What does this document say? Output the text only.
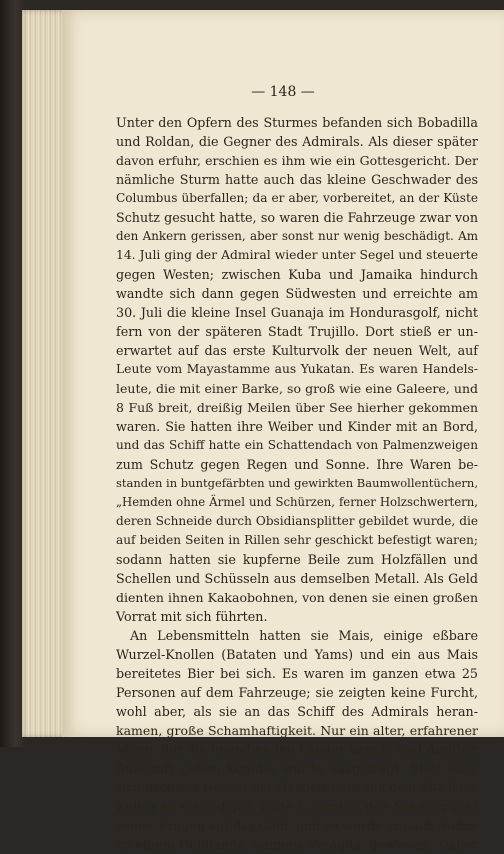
— 148 —
Unter den Opfern des Sturmes befanden sich Bobadilla
und Roldan, die Gegner des Admirals. Als dieser später
davon erfuhr, erschien es ihm wie ein Gottesgericht. Der
nämliche Sturm hatte auch das kleine Geschwader des
Columbus überfallen; da er aber, vorbereitet, an der Küste
Schutz gesucht hatte, so waren die Fahrzeuge zwar von
den Ankern gerissen, aber sonst nur wenig beschädigt. Am
14. Juli ging der Admiral wieder unter Segel und steuerte
gegen Westen; zwischen Kuba und Jamaika hindurch
wandte sich dann gegen Südwesten und erreichte am
30. Juli die kleine Insel Guanaja im Hondurasgolf, nicht
fern von der späteren Stadt Trujillo. Dort stieß er un-
erwartet auf das erste Kulturvolk der neuen Welt, auf
Leute vom Mayastamme aus Yukatan. Es waren Handels-
leute, die mit einer Barke, so groß wie eine Galeere, und
8 Fuß breit, dreißig Meilen über See hierher gekommen
waren. Sie hatten ihre Weiber und Kinder mit an Bord,
und das Schiff hatte ein Schattendach von Palmenzweigen
zum Schutz gegen Regen und Sonne. Ihre Waren be-
standen in buntgefärbten und gewirkten Baumwollentüchern,
„Hemden ohne Ärmel und Schürzen, ferner Holzschwertern,
deren Schneide durch Obsidiansplitter gebildet wurde, die
auf beiden Seiten in Rillen sehr geschickt befestigt waren;
sodann hatten sie kupferne Beile zum Holzfällen und
Schellen und Schüsseln aus demselben Metall. Als Geld
dienten ihnen Kakaobohnen, von denen sie einen großen
Vorrat mit sich führten.
An Lebensmitteln hatten sie Mais, einige eßbare
Wurzel-Knollen (Bataten und Yams) und ein aus Mais
bereitetes Bier bei sich. Es waren im ganzen etwa 25
Personen auf dem Fahrzeuge; sie zeigten keine Furcht,
wohl aber, als sie an das Schiff des Admirals heran-
kamen, große Schamhaftigkeit. Nur ein alter, erfahrener
Mann, der die umgebenden Länder kannte und darüber
Auskunft geben konnte, wurde ausgefragt. Statt aber
sich nach der Heimat der Handelsleute und dem Sitz ihrer
Kultur zu erkundigen, legte Columbus den Schwerpunkt
seiner Fragen auf das Gold, und so wurde er nach Süden
zu einem Goldlande, namens Veragua, gewiesen. Daher
